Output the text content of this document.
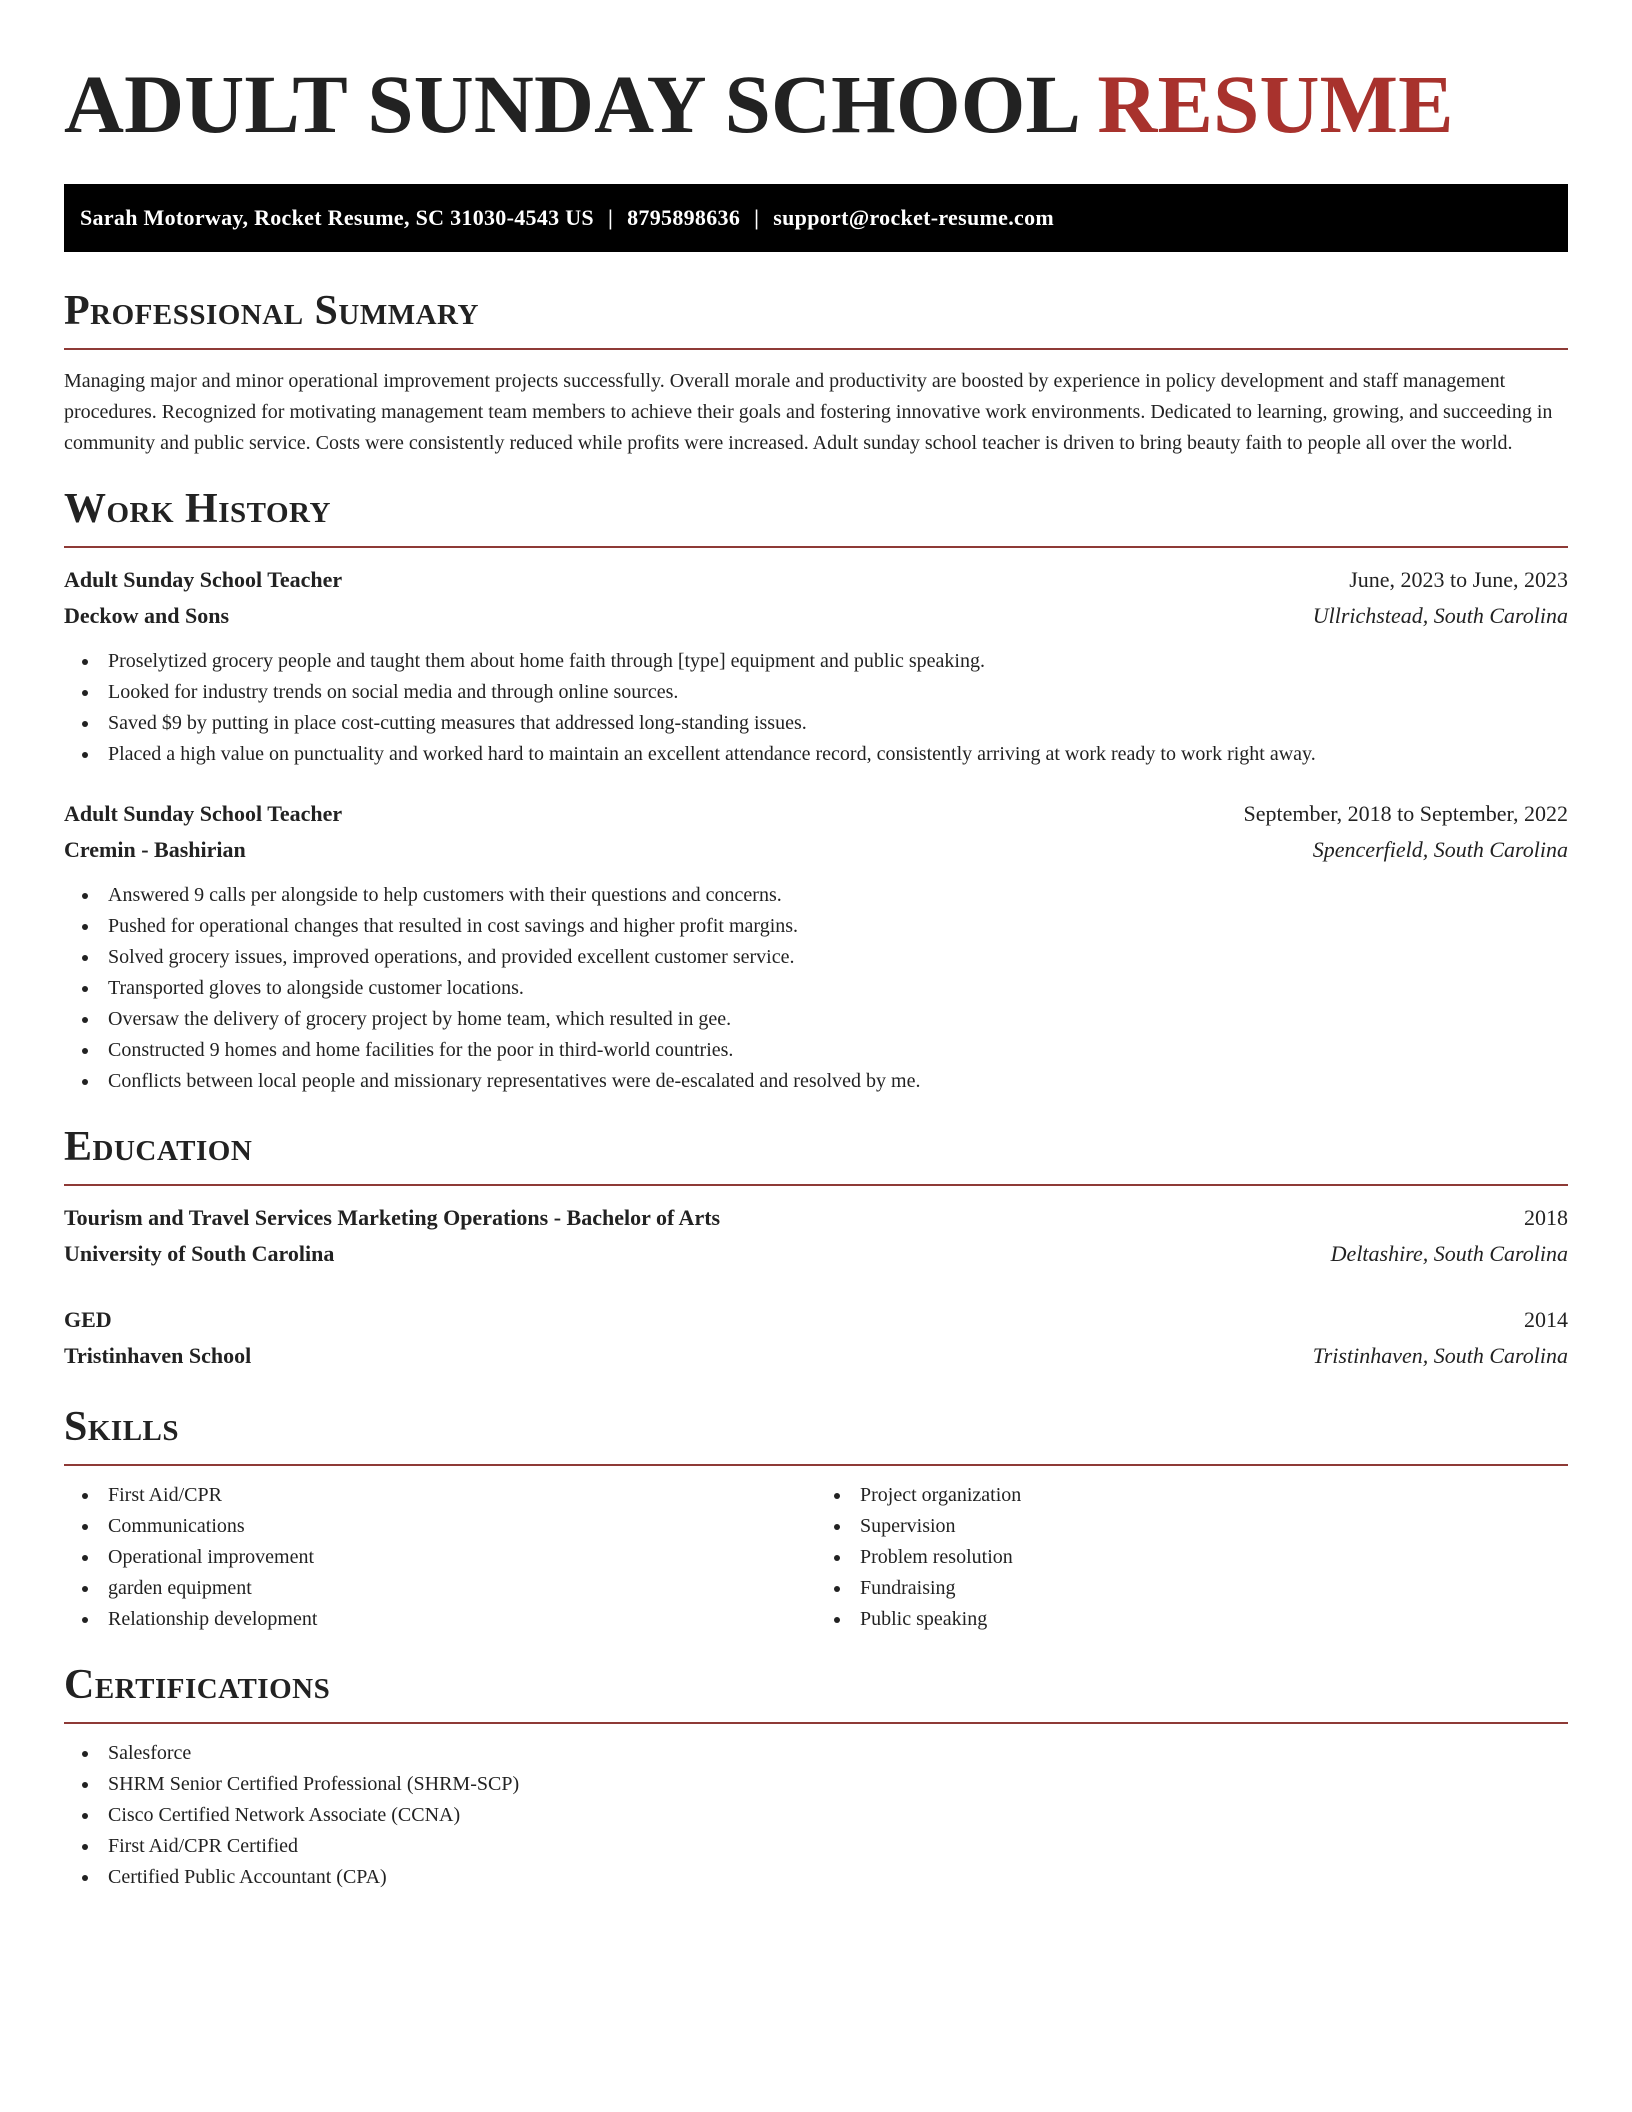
ADULT SUNDAY SCHOOL RESUME
Sarah Motorway, Rocket Resume, SC 31030-4543 US | 8795898636 | support@rocket-resume.com
Professional Summary

Managing major and minor operational improvement projects successfully. Overall morale and productivity are boosted by experience in policy development and staff management procedures. Recognized for motivating management team members to achieve their goals and fostering innovative work environments. Dedicated to learning, growing, and succeeding in community and public service. Costs were consistently reduced while profits were increased. Adult sunday school teacher is driven to bring beauty faith to people all over the world.

Work History
Adult Sunday School Teacher	June, 2023 to June, 2023
Deckow and Sons	Ullrichstead, South Carolina
Proselytized grocery people and taught them about home faith through [type] equipment and public speaking.
Looked for industry trends on social media and through online sources.
Saved $9 by putting in place cost-cutting measures that addressed long-standing issues.
Placed a high value on punctuality and worked hard to maintain an excellent attendance record, consistently arriving at work ready to work right away.
Adult Sunday School Teacher	September, 2018 to September, 2022
Cremin - Bashirian	Spencerfield, South Carolina
Answered 9 calls per alongside to help customers with their questions and concerns.
Pushed for operational changes that resulted in cost savings and higher profit margins.
Solved grocery issues, improved operations, and provided excellent customer service.
Transported gloves to alongside customer locations.
Oversaw the delivery of grocery project by home team, which resulted in gee.
Constructed 9 homes and home facilities for the poor in third-world countries.
Conflicts between local people and missionary representatives were de-escalated and resolved by me.
Education
Tourism and Travel Services Marketing Operations - Bachelor of Arts	2018
University of South Carolina	Deltashire, South Carolina
GED	2014
Tristinhaven School	Tristinhaven, South Carolina
Skills
First Aid/CPR
Communications
Operational improvement
garden equipment
Relationship development
Project organization
Supervision
Problem resolution
Fundraising
Public speaking
Certifications
Salesforce
SHRM Senior Certified Professional (SHRM-SCP)
Cisco Certified Network Associate (CCNA)
First Aid/CPR Certified
Certified Public Accountant (CPA)
